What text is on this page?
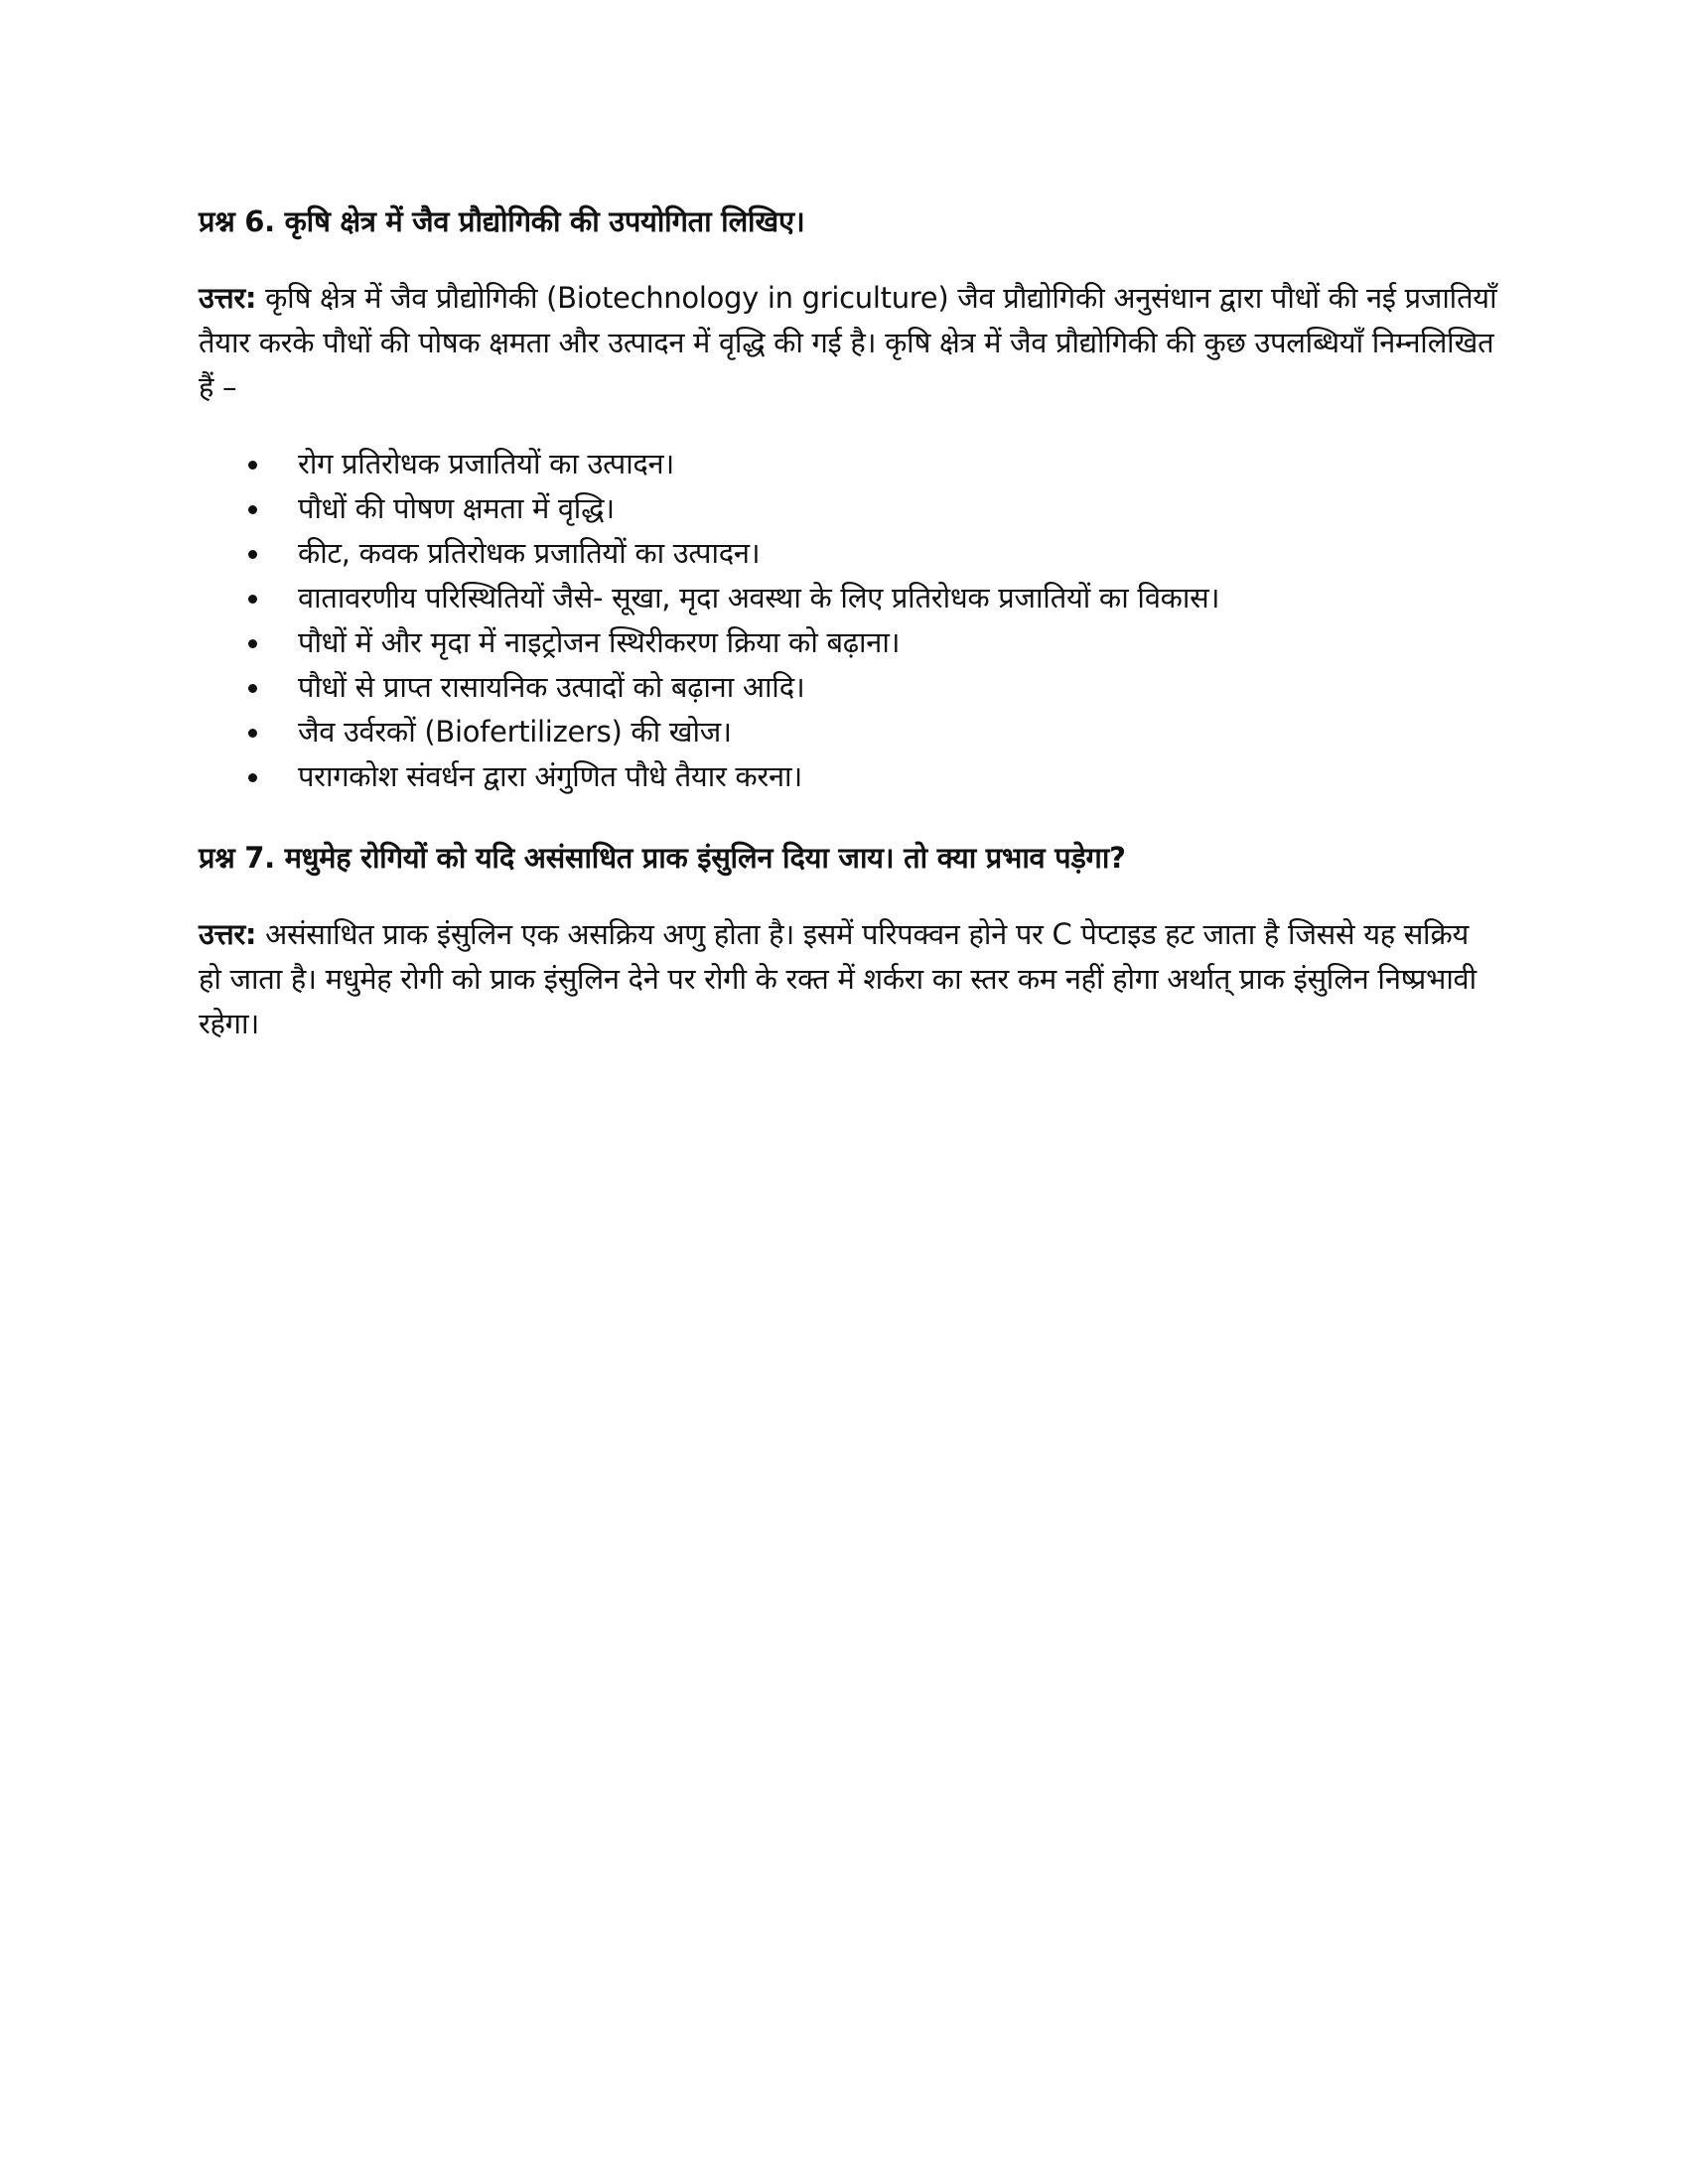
प्रश्न 6. कृषि क्षेत्र में जैव प्रौद्योगिकी की उपयोगिता लिखिए।

उत्तर: कृषि क्षेत्र में जैव प्रौद्योगिकी (Biotechnology in griculture) जैव प्रौद्योगिकी अनुसंधान द्वारा पौधों की नई प्रजातियाँ तैयार करके पौधों की पोषक क्षमता और उत्पादन में वृद्धि की गई है। कृषि क्षेत्र में जैव प्रौद्योगिकी की कुछ उपलब्धियाँ निम्नलिखित हैं –

रोग प्रतिरोधक प्रजातियों का उत्पादन।
पौधों की पोषण क्षमता में वृद्धि।
कीट, कवक प्रतिरोधक प्रजातियों का उत्पादन।
वातावरणीय परिस्थितियों जैसे- सूखा, मृदा अवस्था के लिए प्रतिरोधक प्रजातियों का विकास।
पौधों में और मृदा में नाइट्रोजन स्थिरीकरण क्रिया को बढ़ाना।
पौधों से प्राप्त रासायनिक उत्पादों को बढ़ाना आदि।
जैव उर्वरकों (Biofertilizers) की खोज।
परागकोश संवर्धन द्वारा अंगुणित पौधे तैयार करना।
प्रश्न 7. मधुमेह रोगियों को यदि असंसाधित प्राक इंसुलिन दिया जाय। तो क्या प्रभाव पड़ेगा?

उत्तर: असंसाधित प्राक इंसुलिन एक असक्रिय अणु होता है। इसमें परिपक्वन होने पर C पेप्टाइड हट जाता है जिससे यह सक्रिय हो जाता है। मधुमेह रोगी को प्राक इंसुलिन देने पर रोगी के रक्त में शर्करा का स्तर कम नहीं होगा अर्थात् प्राक इंसुलिन निष्प्रभावी रहेगा।
